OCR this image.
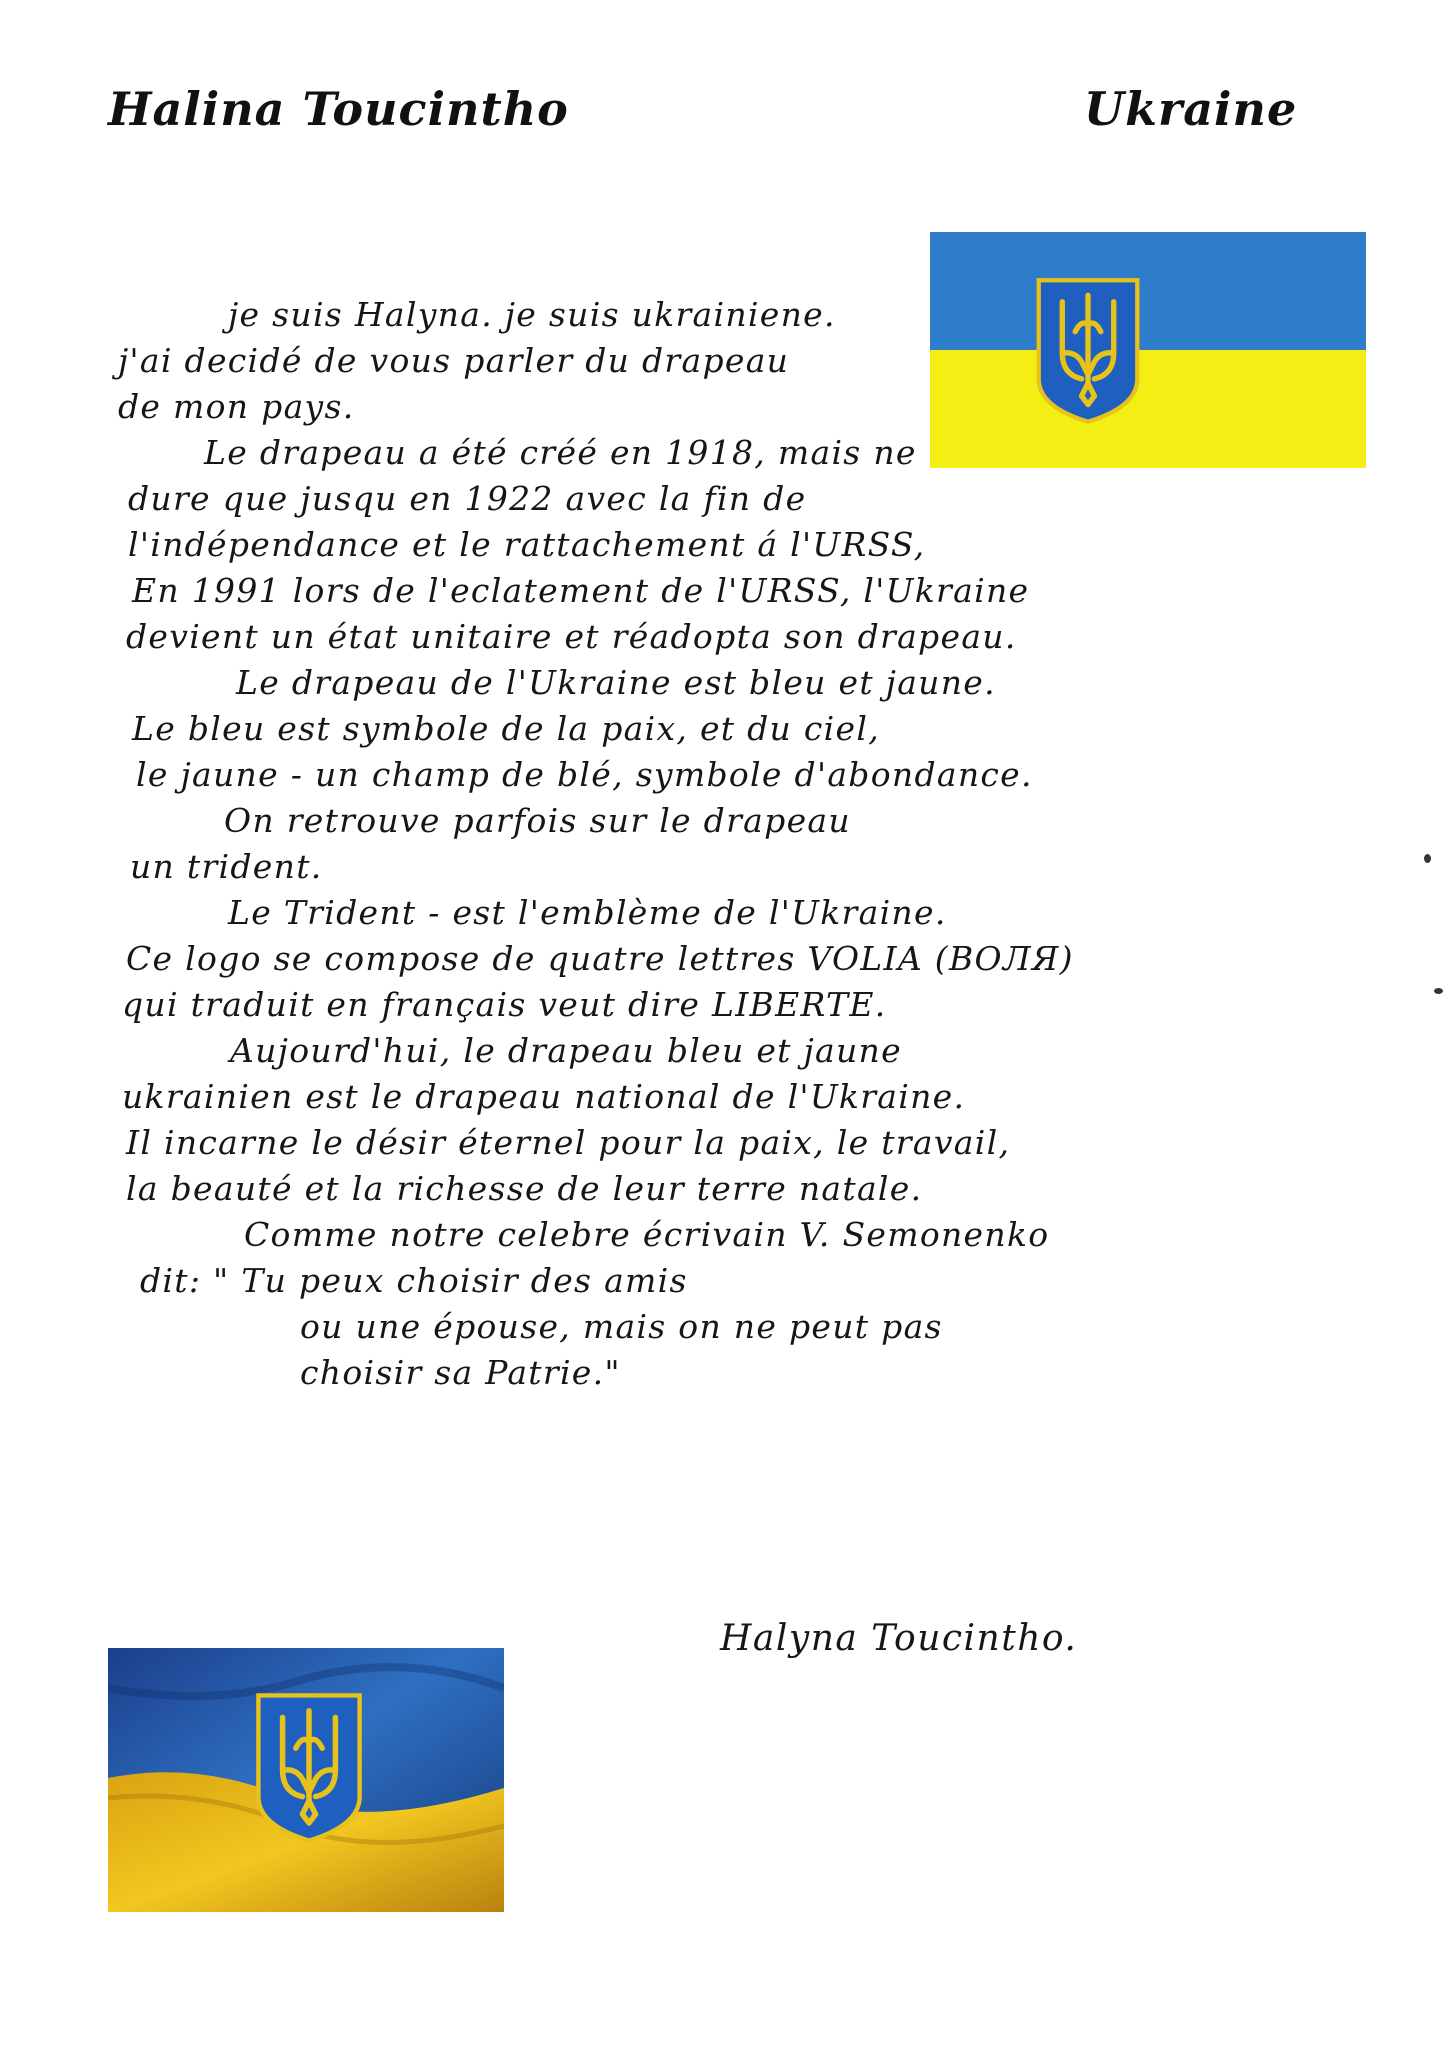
Halina Toucintho	Ukraine
je suis Halyna. je suis ukrainiene.
j'ai decidé de vous parler du drapeau
de mon pays.
Le drapeau a été créé en 1918, mais ne
dure que jusqu en 1922 avec la fin de
l'indépendance et le rattachement á l'URSS,
En 1991 lors de l'eclatement de l'URSS, l'Ukraine
devient un état unitaire et réadopta son drapeau.
Le drapeau de l'Ukraine est bleu et jaune.
Le bleu est symbole de la paix, et du ciel,
le jaune - un champ de blé, symbole d'abondance.
On retrouve parfois sur le drapeau
un trident.
Le Trident - est l'emblème de l'Ukraine.
Ce logo se compose de quatre lettres VOLIA (ВОЛЯ)
qui traduit en français veut dire LIBERTE.
Aujourd'hui, le drapeau bleu et jaune
ukrainien est le drapeau national de l'Ukraine.
Il incarne le désir éternel pour la paix, le travail,
la beauté et la richesse de leur terre natale.
Comme notre celebre écrivain V. Semonenko
dit: " Tu peux choisir des amis
ou une épouse, mais on ne peut pas
choisir sa Patrie."
Halyna Toucintho.
